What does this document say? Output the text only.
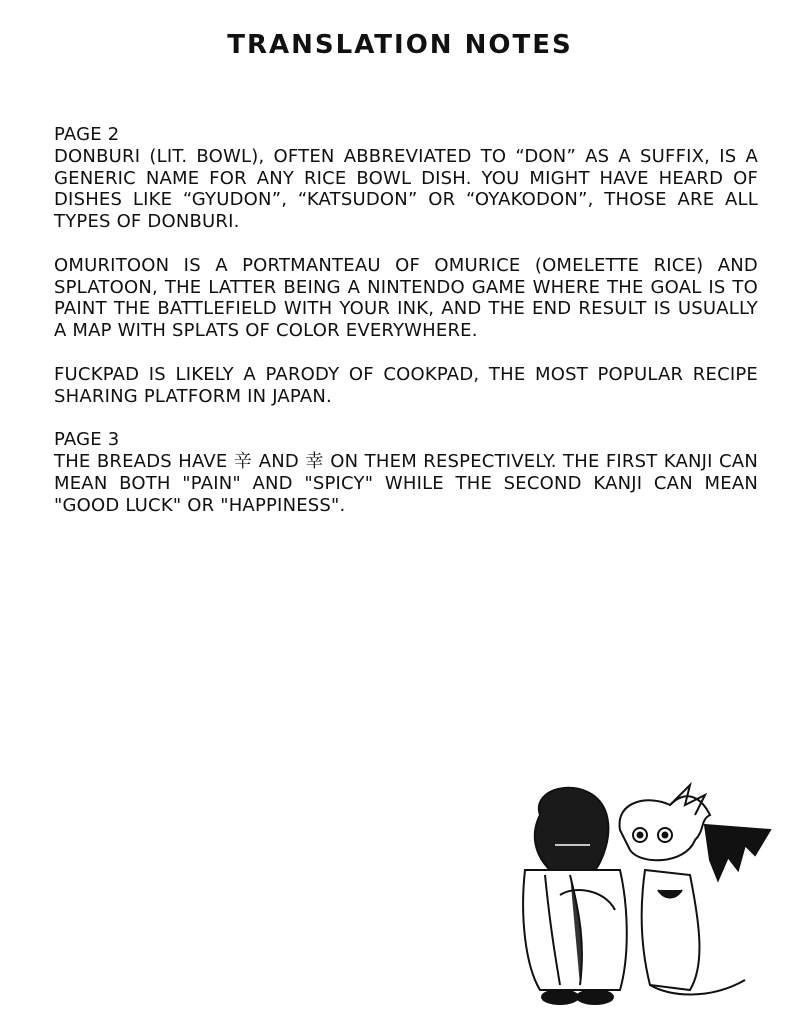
TRANSLATION NOTES
PAGE 2
DONBURI (LIT. BOWL), OFTEN ABBREVIATED TO “DON” AS A SUFFIX, IS A GENERIC NAME FOR ANY RICE BOWL DISH. YOU MIGHT HAVE HEARD OF DISHES LIKE “GYUDON”, “KATSUDON” OR “OYAKODON”, THOSE ARE ALL TYPES OF DONBURI.
OMURITOON IS A PORTMANTEAU OF OMURICE (OMELETTE RICE) AND SPLATOON, THE LATTER BEING A NINTENDO GAME WHERE THE GOAL IS TO PAINT THE BATTLEFIELD WITH YOUR INK, AND THE END RESULT IS USUALLY A MAP WITH SPLATS OF COLOR EVERYWHERE.
FUCKPAD IS LIKELY A PARODY OF COOKPAD, THE MOST POPULAR RECIPE SHARING PLATFORM IN JAPAN.
PAGE 3
THE BREADS HAVE 辛 AND 幸 ON THEM RESPECTIVELY. THE FIRST KANJI CAN MEAN BOTH "PAIN" AND "SPICY" WHILE THE SECOND KANJI CAN MEAN "GOOD LUCK" OR "HAPPINESS".
